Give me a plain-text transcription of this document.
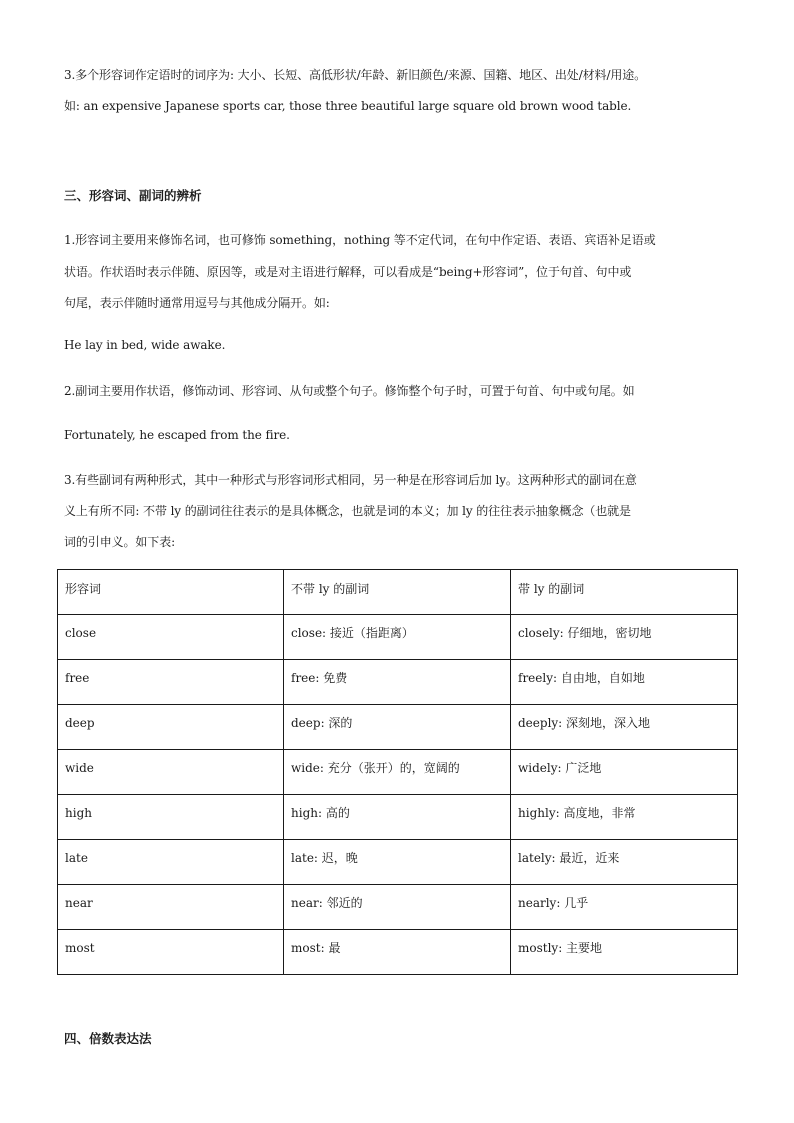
3.多个形容词作定语时的词序为: 大小、长短、高低形状/年龄、新旧颜色/来源、国籍、地区、出处/材料/用途。
如: an expensive Japanese sports car, those three beautiful large square old brown wood table.
三、形容词、副词的辨析
1.形容词主要用来修饰名词，也可修饰 something，nothing 等不定代词，在句中作定语、表语、宾语补足语或
状语。作状语时表示伴随、原因等，或是对主语进行解释，可以看成是“being+形容词”，位于句首、句中或
句尾，表示伴随时通常用逗号与其他成分隔开。如:
He lay in bed, wide awake.
2.副词主要用作状语，修饰动词、形容词、从句或整个句子。修饰整个句子时，可置于句首、句中或句尾。如
Fortunately, he escaped from the fire.
3.有些副词有两种形式，其中一种形式与形容词形式相同，另一种是在形容词后加 ly。这两种形式的副词在意
义上有所不同: 不带 ly 的副词往往表示的是具体概念，也就是词的本义；加 ly 的往往表示抽象概念（也就是
词的引申义。如下表:
形容词	不带 ly 的副词	带 ly 的副词

close	close: 接近（指距离）	closely: 仔细地，密切地

free	free: 免费	freely: 自由地，自如地

deep	deep: 深的	deeply: 深刻地，深入地

wide	wide: 充分（张开）的，宽阔的	widely: 广泛地

high	high: 高的	highly: 高度地，非常

late	late: 迟，晚	lately: 最近，近来

near	near: 邻近的	nearly: 几乎

most	most: 最	mostly: 主要地
四、倍数表达法
